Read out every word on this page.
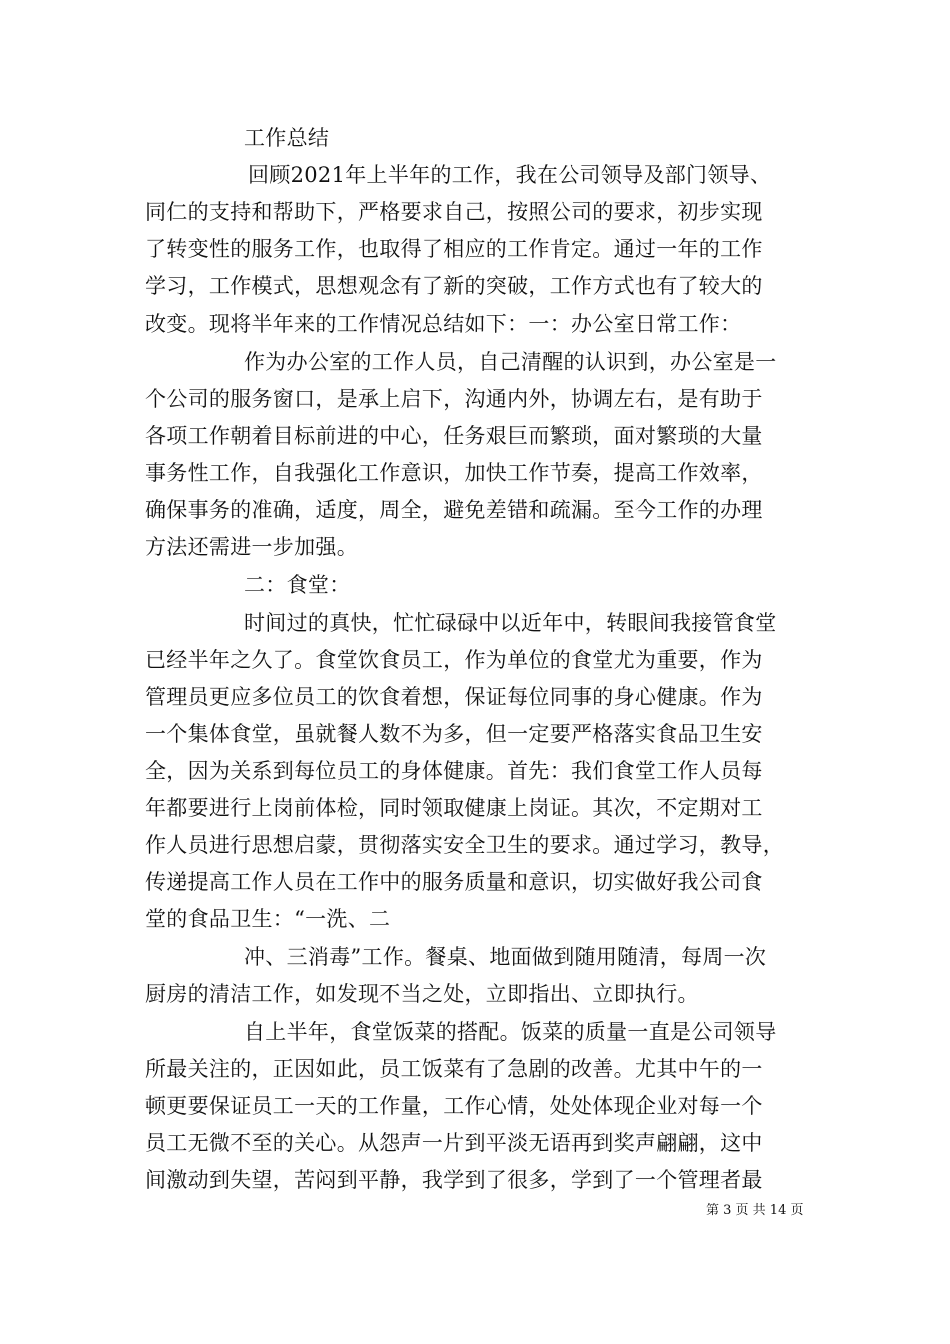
工作总结
回顾2021年上半年的工作，我在公司领导及部门领导、
同仁的支持和帮助下，严格要求自己，按照公司的要求，初步实现
了转变性的服务工作，也取得了相应的工作肯定。通过一年的工作
学习，工作模式，思想观念有了新的突破，工作方式也有了较大的
改变。现将半年来的工作情况总结如下：一：办公室日常工作：
作为办公室的工作人员，自己清醒的认识到，办公室是一
个公司的服务窗口，是承上启下，沟通内外，协调左右，是有助于
各项工作朝着目标前进的中心，任务艰巨而繁琐，面对繁琐的大量
事务性工作，自我强化工作意识，加快工作节奏，提高工作效率，
确保事务的准确，适度，周全，避免差错和疏漏。至今工作的办理
方法还需进一步加强。
二：食堂：
时间过的真快，忙忙碌碌中以近年中，转眼间我接管食堂
已经半年之久了。食堂饮食员工，作为单位的食堂尤为重要，作为
管理员更应多位员工的饮食着想，保证每位同事的身心健康。作为
一个集体食堂，虽就餐人数不为多，但一定要严格落实食品卫生安
全，因为关系到每位员工的身体健康。首先：我们食堂工作人员每
年都要进行上岗前体检，同时领取健康上岗证。其次，不定期对工
作人员进行思想启蒙，贯彻落实安全卫生的要求。通过学习，教导，
传递提高工作人员在工作中的服务质量和意识，切实做好我公司食
堂的食品卫生：“一洗、二
冲、三消毒”工作。餐桌、地面做到随用随清，每周一次
厨房的清洁工作，如发现不当之处，立即指出、立即执行。
自上半年，食堂饭菜的搭配。饭菜的质量一直是公司领导
所最关注的，正因如此，员工饭菜有了急剧的改善。尤其中午的一
顿更要保证员工一天的工作量，工作心情，处处体现企业对每一个
员工无微不至的关心。从怨声一片到平淡无语再到奖声翩翩，这中
间激动到失望，苦闷到平静，我学到了很多，学到了一个管理者最
第 3 页 共 14 页
